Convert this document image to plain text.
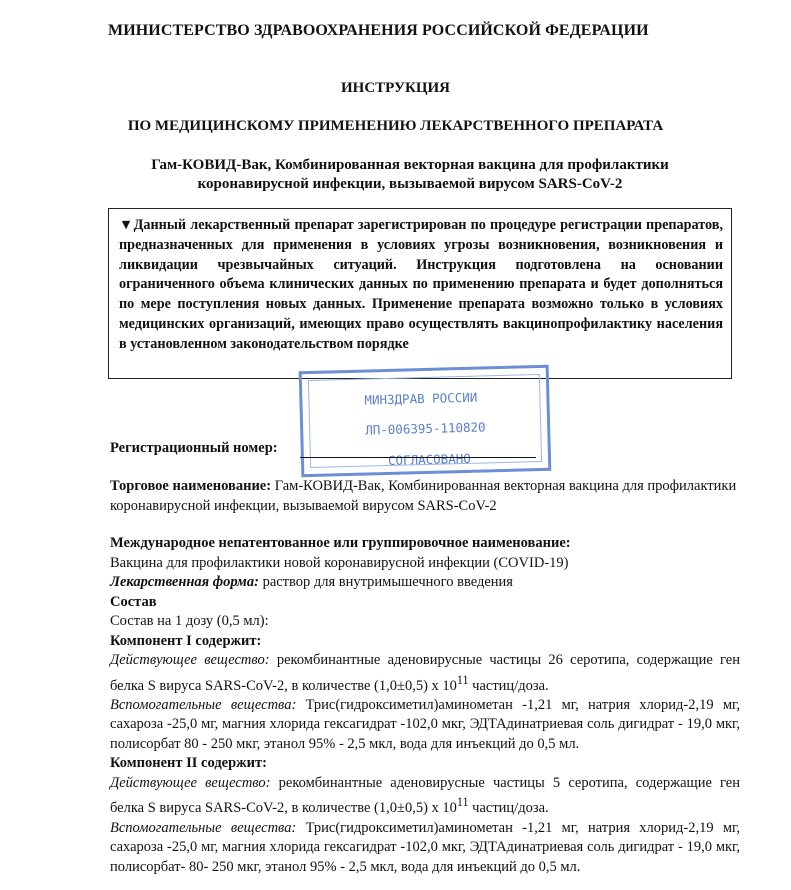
МИНИСТЕРСТВО ЗДРАВООХРАНЕНИЯ РОССИЙСКОЙ ФЕДЕРАЦИИ
ИНСТРУКЦИЯ
ПО МЕДИЦИНСКОМУ ПРИМЕНЕНИЮ ЛЕКАРСТВЕННОГО ПРЕПАРАТА
Гам-КОВИД-Вак, Комбинированная векторная вакцина для профилактики коронавирусной инфекции, вызываемой вирусом SARS-CoV-2
▼Данный лекарственный препарат зарегистрирован по процедуре регистрации препаратов, предназначенных для применения в условиях угрозы возникновения, возникновения и ликвидации чрезвычайных ситуаций. Инструкция подготовлена на основании ограниченного объема клинических данных по применению препарата и будет дополняться по мере поступления новых данных. Применение препарата возможно только в условиях медицинских организаций, имеющих право осуществлять вакцинопрофилактику населения в установленном законодательством порядке
МИНЗДРАВ РОССИИ
ЛП-006395-110820
СОГЛАСОВАНО
Регистрационный номер:
Торговое наименование: Гам-КОВИД-Вак, Комбинированная векторная вакцина для профилактики коронавирусной инфекции, вызываемой вирусом SARS-CoV-2
Международное непатентованное или группировочное наименование:
Вакцина для профилактики новой коронавирусной инфекции (COVID-19)
Лекарственная форма: раствор для внутримышечного введения
Состав
Состав на 1 дозу (0,5 мл):
Компонент I содержит:
Действующее вещество: рекомбинантные аденовирусные частицы 26 серотипа, содержащие ген белка S вируса SARS-CoV-2, в количестве (1,0±0,5) х $10^{11}$ частиц/доза.
Вспомогательные вещества: Трис(гидроксиметил)аминометан -1,21 мг, натрия хлорид-2,19 мг, сахароза -25,0 мг, магния хлорида гексагидрат -102,0 мкг, ЭДТАдинатриевая соль дигидрат - 19,0 мкг, полисорбат 80 - 250 мкг, этанол 95% - 2,5 мкл, вода для инъекций до 0,5 мл.
Компонент II содержит:
Действующее вещество: рекомбинантные аденовирусные частицы 5 серотипа, содержащие ген белка S вируса SARS-CoV-2, в количестве (1,0±0,5) х $10^{11}$ частиц/доза.
Вспомогательные вещества: Трис(гидроксиметил)аминометан -1,21 мг, натрия хлорид-2,19 мг, сахароза -25,0 мг, магния хлорида гексагидрат -102,0 мкг, ЭДТАдинатриевая соль дигидрат - 19,0 мкг, полисорбат- 80- 250 мкг, этанол 95% - 2,5 мкл, вода для инъекций до 0,5 мл.
